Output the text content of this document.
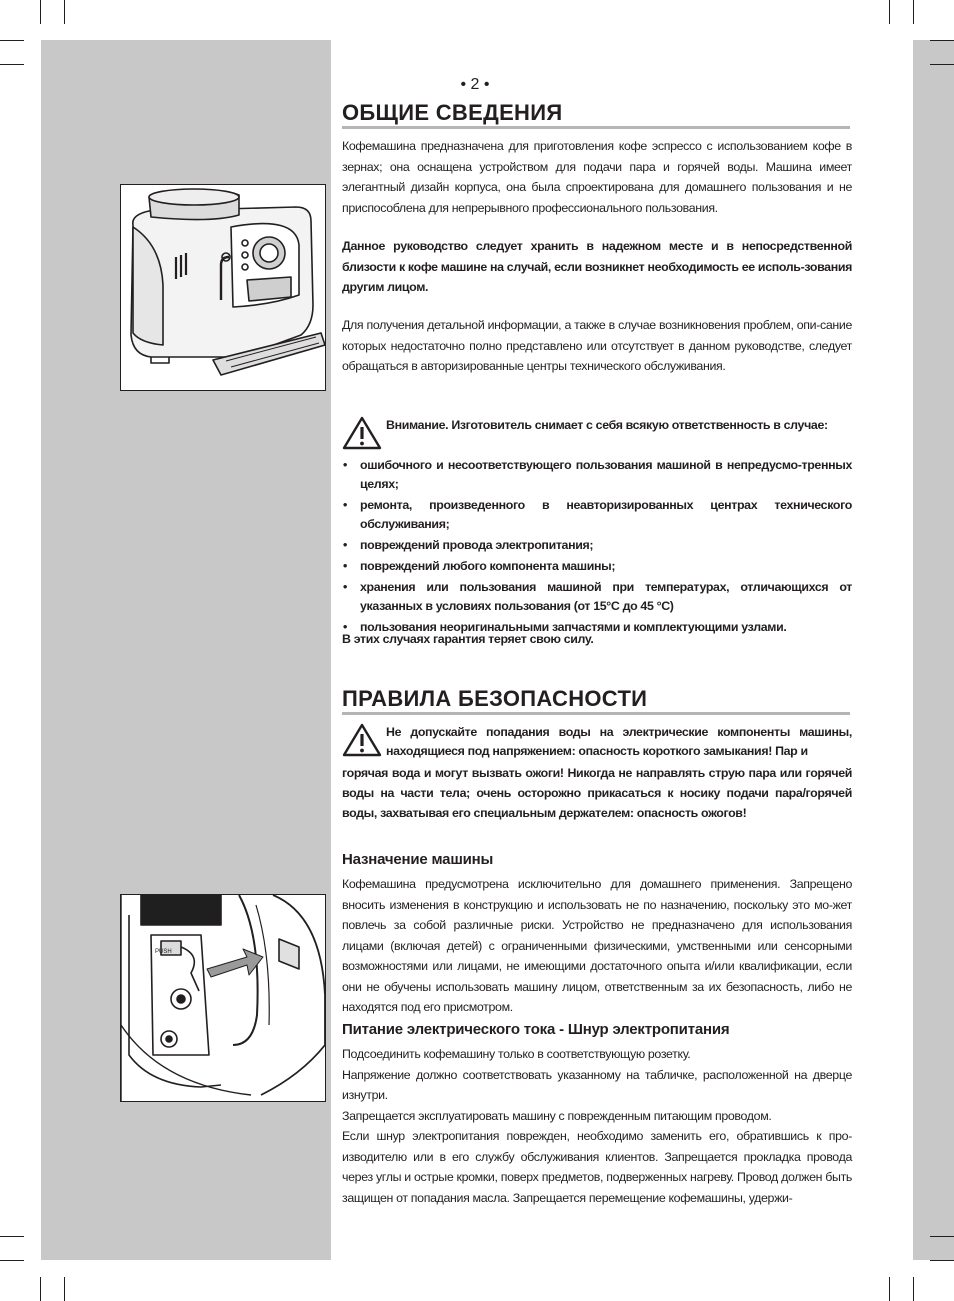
• 2 •
ОБЩИЕ СВЕДЕНИЯ
Кофемашина предназначена для приготовления кофе эспрессо с использованием кофе в зернах; она оснащена устройством для подачи пара и горячей воды. Машина имеет элегантный дизайн корпуса, она была спроектирована для домашнего пользования и не приспособлена для непрерывного профессионального пользования.
Данное руководство следует хранить в надежном месте и в непосредственной близости к кофе машине на случай, если возникнет необходимость ее исполь-зования другим лицом.
Для получения детальной информации, а также в случае возникновения проблем, опи-сание которых недостаточно полно представлено или отсутствует в данном руководстве, следует обращаться в авторизированные центры технического обслуживания.
Внимание. Изготовитель снимает с себя всякую ответственность в случае:
• ошибочного и несоответствующего пользования машиной в непредусмо-тренных целях;
• ремонта, произведенного в неавторизированных центрах технического обслуживания;
• повреждений провода электропитания;
• повреждений любого компонента машины;
• хранения или пользования машиной при температурах, отличающихся от указанных в условиях пользования (от 15°C до 45 °C)
• пользования неоригинальными запчастями и комплектующими узлами.
В этих случаях гарантия теряет свою силу.
ПРАВИЛА БЕЗОПАСНОСТИ
Не допускайте попадания воды на электрические компоненты машины, находящиеся под напряжением: опасность короткого замыкания! Пар и
горячая вода и могут вызвать ожоги! Никогда не направлять струю пара или горячей воды на части тела; очень осторожно прикасаться к носику подачи пара/горячей воды, захватывая его специальным держателем: опасность ожогов!
Назначение машины
Кофемашина предусмотрена исключительно для домашнего применения. Запрещено вносить изменения в конструкцию и использовать не по назначению, поскольку это мо-жет повлечь за собой различные риски. Устройство не предназначено для использования лицами (включая детей) с ограниченными физическими, умственными или сенсорными возможностями или лицами, не имеющими достаточного опыта и/или квалификации, если они не обучены использовать машину лицом, ответственным за их безопасность, либо не находятся под его присмотром.
Питание электрического тока - Шнур электропитания
Подсоединить кофемашину только в соответствующую розетку.
Напряжение должно соответствовать указанному на табличке, расположенной на дверце изнутри.
Запрещается эксплуатировать машину с поврежденным питающим проводом.
Если шнур электропитания поврежден, необходимо заменить его, обратившись к про-изводителю или в его службу обслуживания клиентов. Запрещается прокладка провода через углы и острые кромки, поверх предметов, подверженных нагреву. Провод должен быть защищен от попадания масла. Запрещается перемещение кофемашины, удержи-
PUSH
